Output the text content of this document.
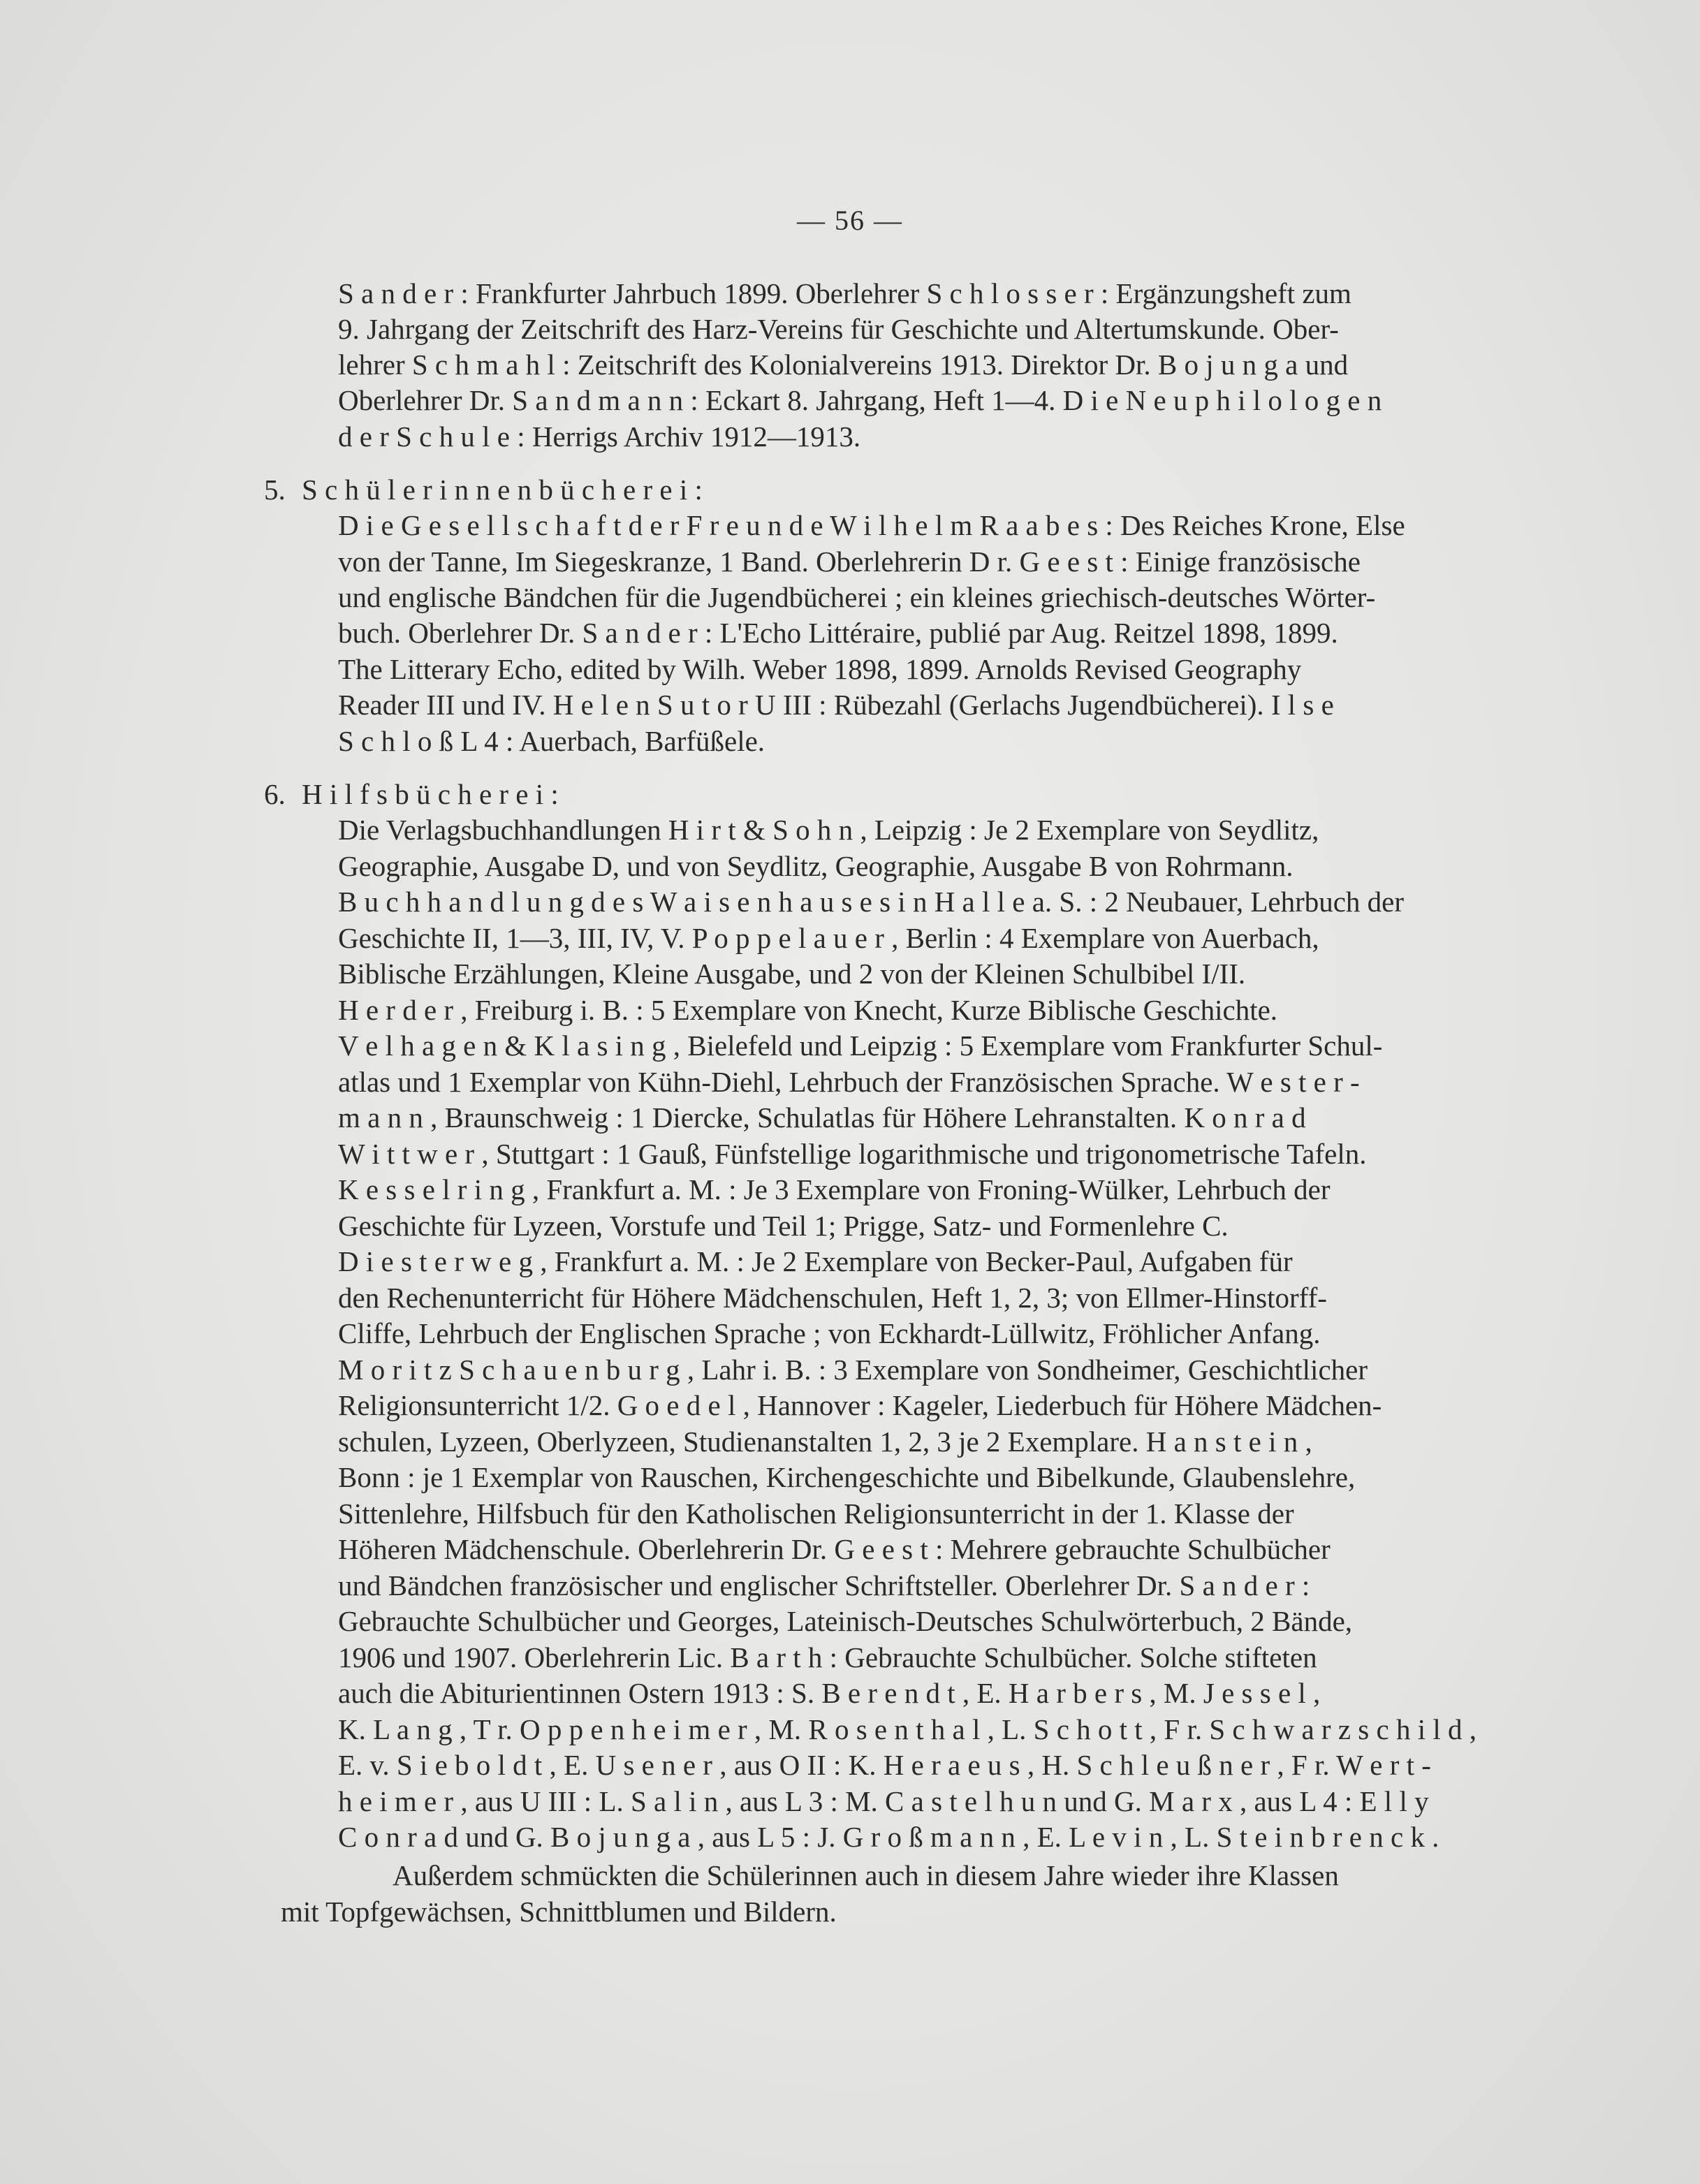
— 56 —
S a n d e r : Frankfurter Jahrbuch 1899. Oberlehrer S c h l o s s e r : Ergänzungsheft zum
9. Jahrgang der Zeitschrift des Harz-Vereins für Geschichte und Altertumskunde. Ober-
lehrer S c h m a h l : Zeitschrift des Kolonialvereins 1913. Direktor Dr. B o j u n g a und
Oberlehrer Dr. S a n d m a n n : Eckart 8. Jahrgang, Heft 1—4. D i e N e u p h i l o l o g e n
d e r S c h u l e : Herrigs Archiv 1912—1913.
5. S c h ü l e r i n n e n b ü c h e r e i :
D i e G e s e l l s c h a f t d e r F r e u n d e W i l h e l m R a a b e s : Des Reiches Krone, Else
von der Tanne, Im Siegeskranze, 1 Band. Oberlehrerin D r. G e e s t : Einige französische
und englische Bändchen für die Jugendbücherei ; ein kleines griechisch-deutsches Wörter-
buch. Oberlehrer Dr. S a n d e r : L'Echo Littéraire, publié par Aug. Reitzel 1898, 1899.
The Litterary Echo, edited by Wilh. Weber 1898, 1899. Arnolds Revised Geography
Reader III und IV. H e l e n S u t o r U III : Rübezahl (Gerlachs Jugendbücherei). I l s e
S c h l o ß L 4 : Auerbach, Barfüßele.
6. H i l f s b ü c h e r e i :
Die Verlagsbuchhandlungen H i r t & S o h n , Leipzig : Je 2 Exemplare von Seydlitz,
Geographie, Ausgabe D, und von Seydlitz, Geographie, Ausgabe B von Rohrmann.
B u c h h a n d l u n g d e s W a i s e n h a u s e s i n H a l l e a. S. : 2 Neubauer, Lehrbuch der
Geschichte II, 1—3, III, IV, V. P o p p e l a u e r , Berlin : 4 Exemplare von Auerbach,
Biblische Erzählungen, Kleine Ausgabe, und 2 von der Kleinen Schulbibel I/II.
H e r d e r , Freiburg i. B. : 5 Exemplare von Knecht, Kurze Biblische Geschichte.
V e l h a g e n & K l a s i n g , Bielefeld und Leipzig : 5 Exemplare vom Frankfurter Schul-
atlas und 1 Exemplar von Kühn-Diehl, Lehrbuch der Französischen Sprache. W e s t e r -
m a n n , Braunschweig : 1 Diercke, Schulatlas für Höhere Lehranstalten. K o n r a d
W i t t w e r , Stuttgart : 1 Gauß, Fünfstellige logarithmische und trigonometrische Tafeln.
K e s s e l r i n g , Frankfurt a. M. : Je 3 Exemplare von Froning-Wülker, Lehrbuch der
Geschichte für Lyzeen, Vorstufe und Teil 1; Prigge, Satz- und Formenlehre C.
D i e s t e r w e g , Frankfurt a. M. : Je 2 Exemplare von Becker-Paul, Aufgaben für
den Rechenunterricht für Höhere Mädchenschulen, Heft 1, 2, 3; von Ellmer-Hinstorff-
Cliffe, Lehrbuch der Englischen Sprache ; von Eckhardt-Lüllwitz, Fröhlicher Anfang.
M o r i t z S c h a u e n b u r g , Lahr i. B. : 3 Exemplare von Sondheimer, Geschichtlicher
Religionsunterricht 1/2. G o e d e l , Hannover : Kageler, Liederbuch für Höhere Mädchen-
schulen, Lyzeen, Oberlyzeen, Studienanstalten 1, 2, 3 je 2 Exemplare. H a n s t e i n ,
Bonn : je 1 Exemplar von Rauschen, Kirchengeschichte und Bibelkunde, Glaubenslehre,
Sittenlehre, Hilfsbuch für den Katholischen Religionsunterricht in der 1. Klasse der
Höheren Mädchenschule. Oberlehrerin Dr. G e e s t : Mehrere gebrauchte Schulbücher
und Bändchen französischer und englischer Schriftsteller. Oberlehrer Dr. S a n d e r :
Gebrauchte Schulbücher und Georges, Lateinisch-Deutsches Schulwörterbuch, 2 Bände,
1906 und 1907. Oberlehrerin Lic. B a r t h : Gebrauchte Schulbücher. Solche stifteten
auch die Abiturientinnen Ostern 1913 : S. B e r e n d t , E. H a r b e r s , M. J e s s e l ,
K. L a n g , T r. O p p e n h e i m e r , M. R o s e n t h a l , L. S c h o t t , F r. S c h w a r z s c h i l d ,
E. v. S i e b o l d t , E. U s e n e r , aus O II : K. H e r a e u s , H. S c h l e u ß n e r , F r. W e r t -
h e i m e r , aus U III : L. S a l i n , aus L 3 : M. C a s t e l h u n und G. M a r x , aus L 4 : E l l y
C o n r a d und G. B o j u n g a , aus L 5 : J. G r o ß m a n n , E. L e v i n , L. S t e i n b r e n c k .
Außerdem schmückten die Schülerinnen auch in diesem Jahre wieder ihre Klassen
mit Topfgewächsen, Schnittblumen und Bildern.
